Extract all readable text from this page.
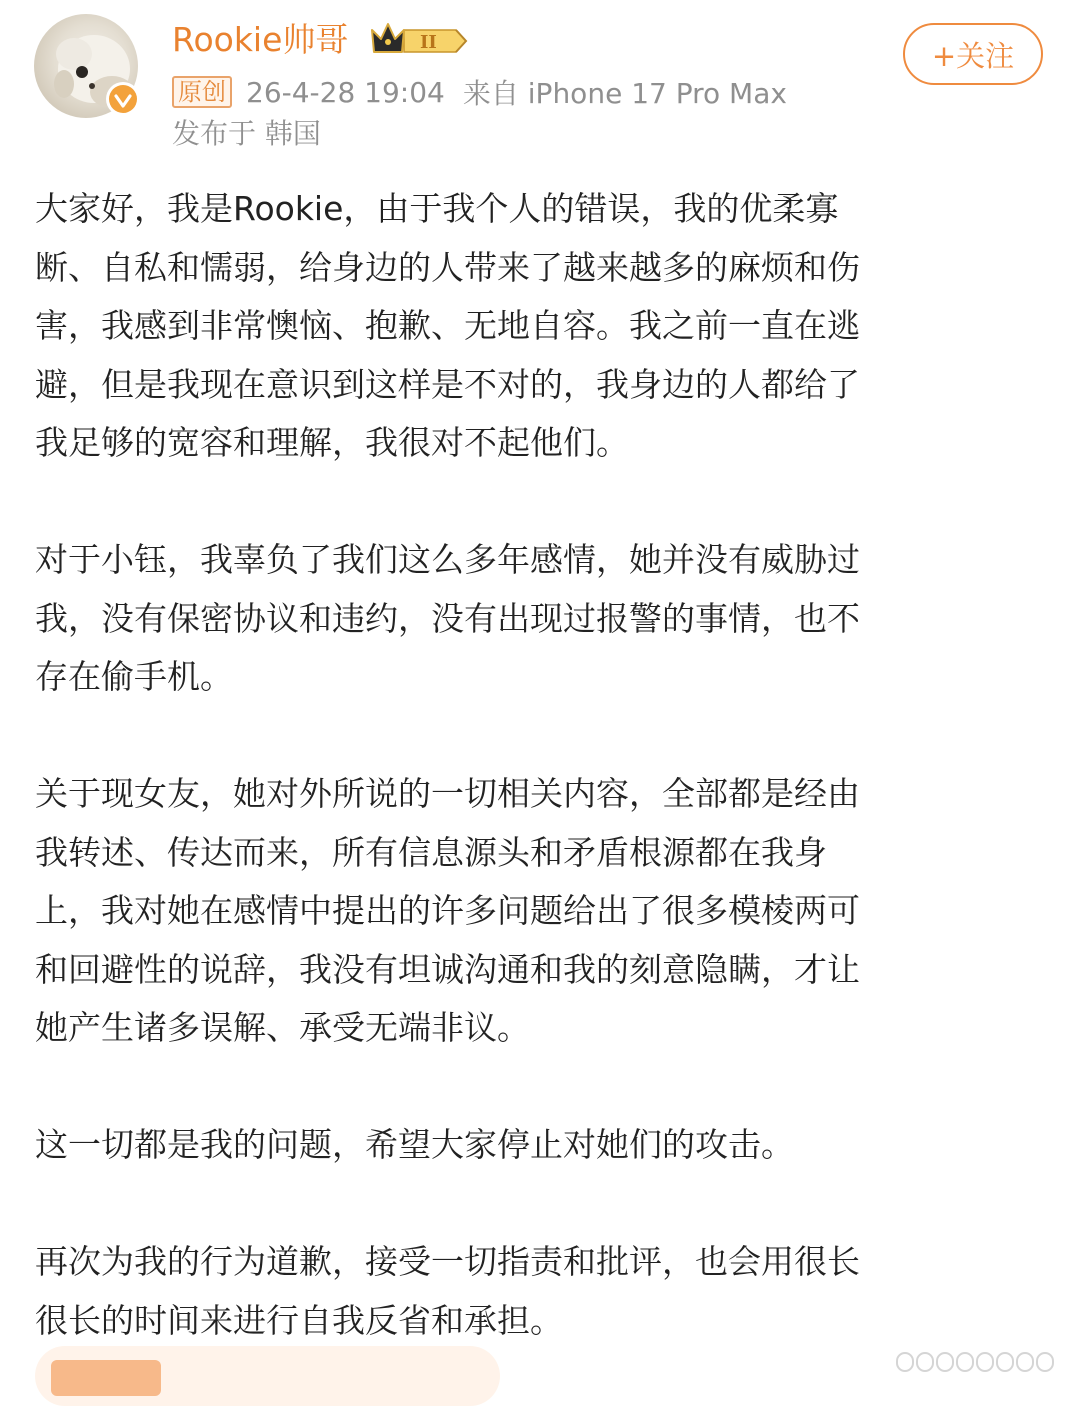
Rookie帅哥	II
原创 26-4-28 19:04 来自 iPhone 17 Pro Max
发布于 韩国
+关注

大家好，我是Rookie，由于我个人的错误，我的优柔寡
断、自私和懦弱，给身边的人带来了越来越多的麻烦和伤
害，我感到非常懊恼、抱歉、无地自容。我之前一直在逃
避，但是我现在意识到这样是不对的，我身边的人都给了
我足够的宽容和理解，我很对不起他们。

对于小钰，我辜负了我们这么多年感情，她并没有威胁过
我，没有保密协议和违约，没有出现过报警的事情，也不
存在偷手机。

关于现女友，她对外所说的一切相关内容，全部都是经由
我转述、传达而来，所有信息源头和矛盾根源都在我身
上，我对她在感情中提出的许多问题给出了很多模棱两可
和回避性的说辞，我没有坦诚沟通和我的刻意隐瞒，才让
她产生诸多误解、承受无端非议。

这一切都是我的问题，希望大家停止对她们的攻击。

再次为我的行为道歉，接受一切指责和批评，也会用很长
很长的时间来进行自我反省和承担。
